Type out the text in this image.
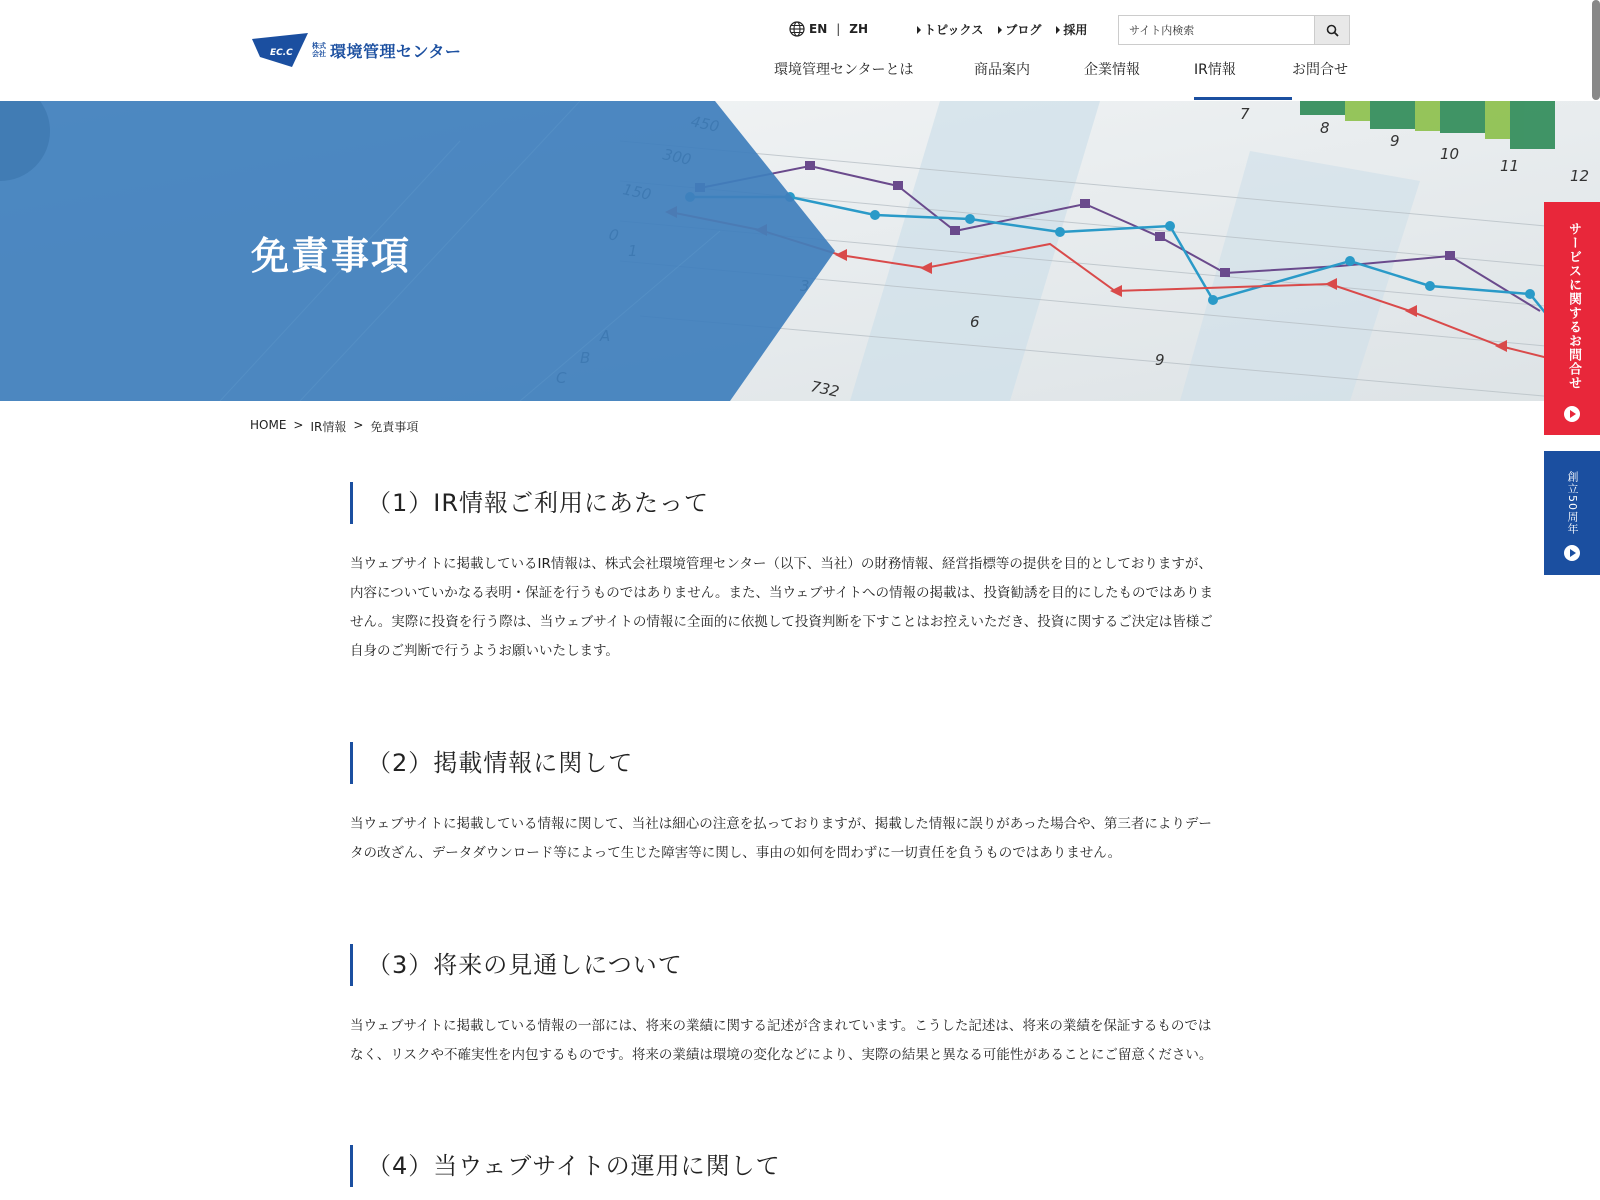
EC.C
株式
会社 環境管理センター
EN | ZH	トピックス ブログ 採用
サイト内検索
環境管理センターとは	商品案内	企業情報	IR情報	お問合せ
6
9
7
8
9
10
11
12
732
免責事項
HOME > IR情報 > 免責事項
（1）IR情報ご利用にあたって

当ウェブサイトに掲載しているIR情報は、株式会社環境管理センター（以下、当社）の財務情報、経営指標等の提供を目的としておりますが、
内容についていかなる表明・保証を行うものではありません。また、当ウェブサイトへの情報の掲載は、投資勧誘を目的にしたものではありま
せん。実際に投資を行う際は、当ウェブサイトの情報に全面的に依拠して投資判断を下すことはお控えいただき、投資に関するご決定は皆様ご
自身のご判断で行うようお願いいたします。

（2）掲載情報に関して

当ウェブサイトに掲載している情報に関して、当社は細心の注意を払っておりますが、掲載した情報に誤りがあった場合や、第三者によりデー
タの改ざん、データダウンロード等によって生じた障害等に関し、事由の如何を問わずに一切責任を負うものではありません。

（3）将来の見通しについて

当ウェブサイトに掲載している情報の一部には、将来の業績に関する記述が含まれています。こうした記述は、将来の業績を保証するものでは
なく、リスクや不確実性を内包するものです。将来の業績は環境の変化などにより、実際の結果と異なる可能性があることにご留意ください。

（4）当ウェブサイトの運用に関して
サービスに関するお問合せ
創立50周年
